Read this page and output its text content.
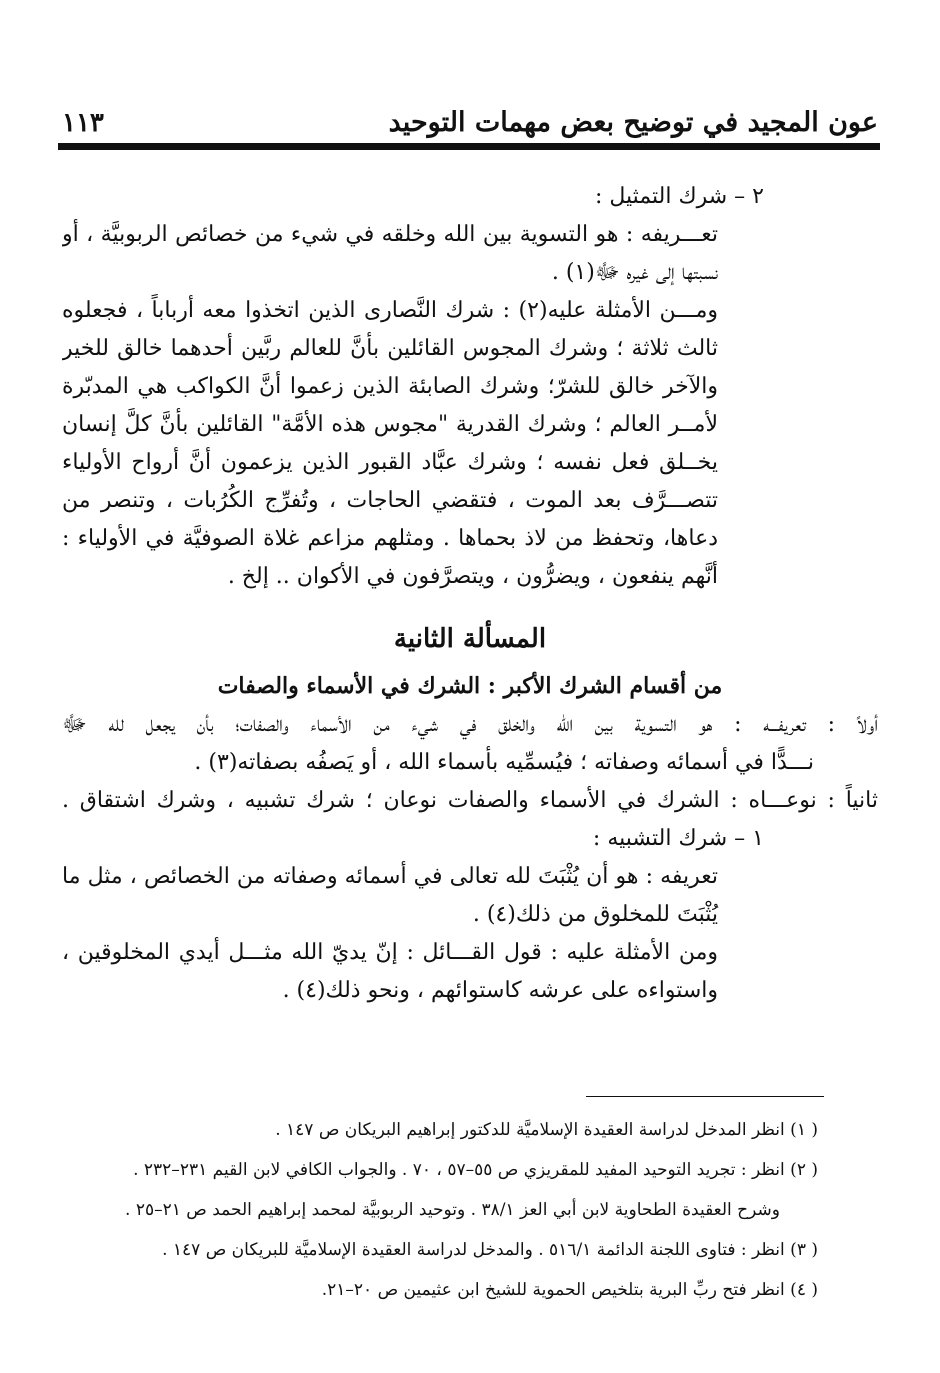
عون المجيد في توضيح بعض مهمات التوحيد
١١٣
٢ – شرك التمثيل :
تعـــريفه : هو التسوية بين الله وخلقه في شيء من خصائص الربوبيَّة ، أو
نسبتها إلى غيره ﷻ(١) .
ومـــن الأمثلة عليه(٢) : شرك النَّصارى الذين اتخذوا معه أرباباً ، فجعلوه
ثالث ثلاثة ؛ وشرك المجوس القائلين بأنَّ للعالم ربَّين أحدهما خالق للخير
والآخر خالق للشرّ؛ وشرك الصابئة الذين زعموا أنَّ الكواكب هي المدبّرة
لأمــر العالم ؛ وشرك القدرية "مجوس هذه الأمَّة" القائلين بأنَّ كلَّ إنسان
يخــلق فعل نفسه ؛ وشرك عبَّاد القبور الذين يزعمون أنَّ أرواح الأولياء
تتصـــرَّف بعد الموت ، فتقضي الحاجات ، وتُفرِّج الكُرُبات ، وتنصر من
دعاها، وتحفظ من لاذ بحماها . ومثلهم مزاعم غلاة الصوفيَّة في الأولياء :
أنَّهم ينفعون ، ويضرُّون ، ويتصرَّفون في الأكوان .. إلخ .
المسألة الثانية
من أقسام الشرك الأكبر : الشرك في الأسماء والصفات
أولاً : تعريفـــه : هو التسوية بين الله والخلق في شيء من الأسماء والصفات؛ بأن يجعل لله ﷻ
نـــدًّا في أسمائه وصفاته ؛ فيُسمِّيه بأسماء الله ، أو يَصفُه بصفاته(٣) .
ثانياً : نوعـــاه : الشرك في الأسماء والصفات نوعان ؛ شرك تشبيه ، وشرك اشتقاق .
١ – شرك التشبيه :
تعريفه : هو أن يُثْبَتَ لله تعالى في أسمائه وصفاته من الخصائص ، مثل ما
يُثْبَتَ للمخلوق من ذلك(٤) .
ومن الأمثلة عليه : قول القـــائل : إنّ يديّ الله مثـــل أيدي المخلوقين ،
واستواءه على عرشه كاستوائهم ، ونحو ذلك(٤) .
( ١) انظر المدخل لدراسة العقيدة الإسلاميَّة للدكتور إبراهيم البريكان ص ١٤٧ .
( ٢) انظر : تجريد التوحيد المفيد للمقريزي ص ٥٥–٥٧ ، ٧٠ . والجواب الكافي لابن القيم ٢٣١–٢٣٢ .
وشرح العقيدة الطحاوية لابن أبي العز ٣٨/١ . وتوحيد الربوبيَّة لمحمد إبراهيم الحمد ص ٢١–٢٥ .
( ٣) انظر : فتاوى اللجنة الدائمة ٥١٦/١ . والمدخل لدراسة العقيدة الإسلاميَّة للبريكان ص ١٤٧ .
( ٤) انظر فتح ربِّ البرية بتلخيص الحموية للشيخ ابن عثيمين ص ٢٠–٢١.
